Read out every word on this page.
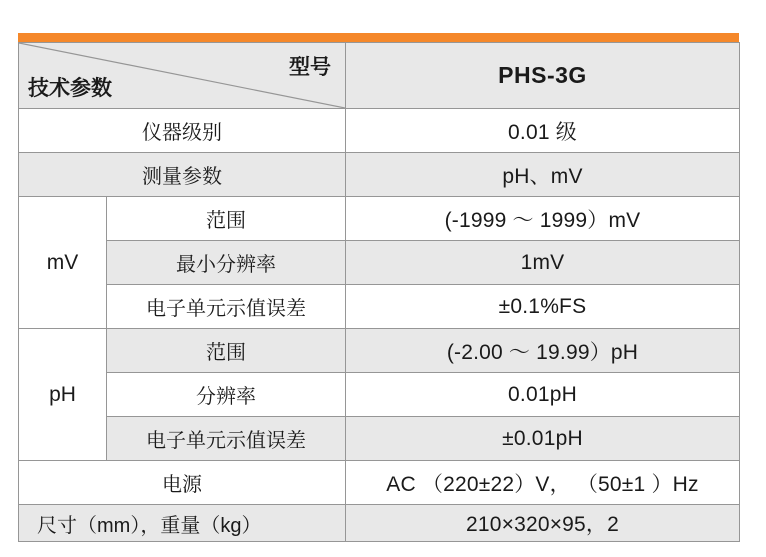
型号
技术参数		PHS-3G
仪器级别		0.01 级
测量参数		pH、mV
mV	范围	(-1999 ～ 1999）mV
	最小分辨率	1mV
	电子单元示值误差	±0.1%FS
pH	范围	(-2.00 ～ 19.99）pH
	分辨率	0.01pH
	电子单元示值误差	±0.01pH
电源		AC （220±22）V， （50±1 ）Hz
尺寸（mm），重量（kg）		210×320×95，2
